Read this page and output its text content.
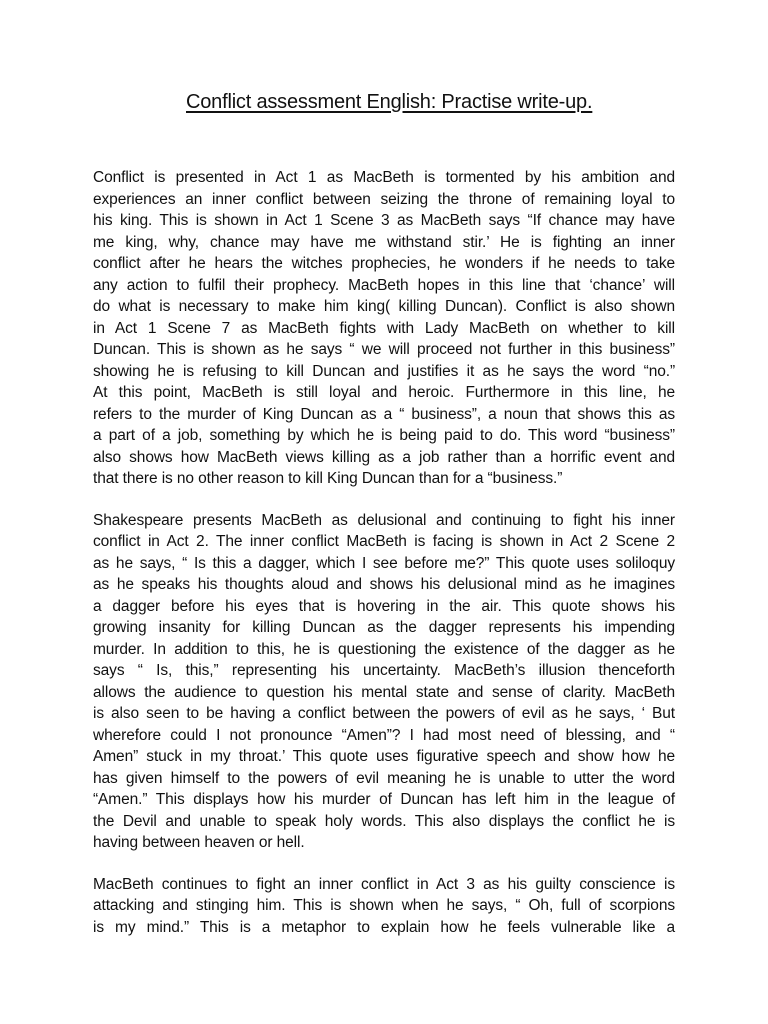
Conflict assessment English: Practise write-up.

Conflict is presented in Act 1 as MacBeth is tormented by his ambition and
experiences an inner conflict between seizing the throne of remaining loyal to
his king. This is shown in Act 1 Scene 3 as MacBeth says “If chance may have
me king, why, chance may have me withstand stir.’ He is fighting an inner
conflict after he hears the witches prophecies, he wonders if he needs to take
any action to fulfil their prophecy. MacBeth hopes in this line that ‘chance’ will
do what is necessary to make him king( killing Duncan). Conflict is also shown
in Act 1 Scene 7 as MacBeth fights with Lady MacBeth on whether to kill
Duncan. This is shown as he says “ we will proceed not further in this business”
showing he is refusing to kill Duncan and justifies it as he says the word “no.”
At this point, MacBeth is still loyal and heroic. Furthermore in this line, he
refers to the murder of King Duncan as a “ business”, a noun that shows this as
a part of a job, something by which he is being paid to do. This word “business”
also shows how MacBeth views killing as a job rather than a horrific event and
that there is no other reason to kill King Duncan than for a “business.”

Shakespeare presents MacBeth as delusional and continuing to fight his inner
conflict in Act 2. The inner conflict MacBeth is facing is shown in Act 2 Scene 2
as he says, “ Is this a dagger, which I see before me?” This quote uses soliloquy
as he speaks his thoughts aloud and shows his delusional mind as he imagines
a dagger before his eyes that is hovering in the air. This quote shows his
growing insanity for killing Duncan as the dagger represents his impending
murder. In addition to this, he is questioning the existence of the dagger as he
says “ Is, this,” representing his uncertainty. MacBeth’s illusion thenceforth
allows the audience to question his mental state and sense of clarity. MacBeth
is also seen to be having a conflict between the powers of evil as he says, ‘ But
wherefore could I not pronounce “Amen”? I had most need of blessing, and “
Amen” stuck in my throat.’ This quote uses figurative speech and show how he
has given himself to the powers of evil meaning he is unable to utter the word
“Amen.” This displays how his murder of Duncan has left him in the league of
the Devil and unable to speak holy words. This also displays the conflict he is
having between heaven or hell.

MacBeth continues to fight an inner conflict in Act 3 as his guilty conscience is
attacking and stinging him. This is shown when he says, “ Oh, full of scorpions
is my mind.” This is a metaphor to explain how he feels vulnerable like a
